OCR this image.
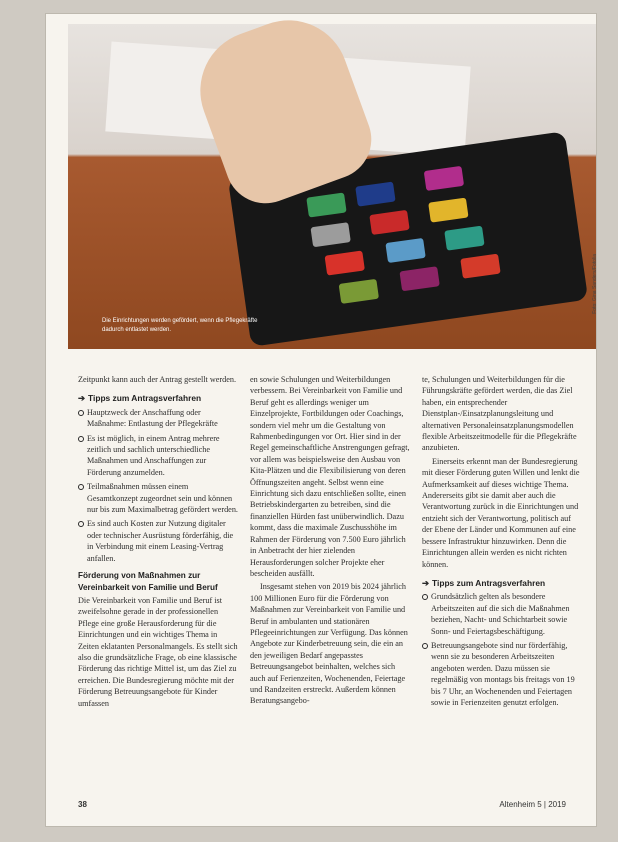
Die Einrichtungen werden gefördert, wenn die Pflegekräfte dadurch entlastet werden.
Foto: Gina Sanders/Fotolia

Zeitpunkt kann auch der Antrag gestellt werden.

➔ Tipps zum Antragsverfahren
Hauptzweck der Anschaffung oder Maßnahme: Entlastung der Pflegekräfte
Es ist möglich, in einem Antrag mehrere zeitlich und sachlich unterschiedliche Maßnahmen und Anschaffungen zur Förderung anzumelden.
Teilmaßnahmen müssen einem Gesamtkonzept zugeordnet sein und können nur bis zum Maximalbetrag gefördert werden.
Es sind auch Kosten zur Nutzung digitaler oder technischer Ausrüstung förderfähig, die in Verbindung mit einem Leasing-Vertrag anfallen.
Förderung von Maßnahmen zur Vereinbarkeit von Familie und Beruf

Die Vereinbarkeit von Familie und Beruf ist zweifelsohne gerade in der professionellen Pflege eine große Herausforderung für die Einrichtungen und ein wichtiges Thema in Zeiten eklatanten Personalmangels. Es stellt sich also die grundsätzliche Frage, ob eine klassische Förderung das richtige Mittel ist, um das Ziel zu erreichen. Die Bundesregierung möchte mit der Förderung Betreuungsangebote für Kinder umfassen

en sowie Schulungen und Weiterbildungen verbessern. Bei Vereinbarkeit von Familie und Beruf geht es allerdings weniger um Einzelprojekte, Fortbildungen oder Coachings, sondern viel mehr um die Gestaltung von Rahmenbedingungen vor Ort. Hier sind in der Regel gemeinschaftliche Anstrengungen gefragt, vor allem was beispielsweise den Ausbau von Kita-Plätzen und die Flexibilisierung von deren Öffnungszeiten angeht. Selbst wenn eine Einrichtung sich dazu entschließen sollte, einen Betriebskindergarten zu betreiben, sind die finanziellen Hürden fast unüberwindlich. Dazu kommt, dass die maximale Zuschusshöhe im Rahmen der Förderung von 7.500 Euro jährlich in Anbetracht der hier zielenden Herausforderungen solcher Projekte eher bescheiden ausfällt.

Insgesamt stehen von 2019 bis 2024 jährlich 100 Millionen Euro für die Förderung von Maßnahmen zur Vereinbarkeit von Familie und Beruf in ambulanten und stationären Pflegeeinrichtungen zur Verfügung. Das können Angebote zur Kinderbetreuung sein, die ein an den jeweiligen Bedarf angepasstes Betreuungsangebot beinhalten, welches sich auch auf Ferienzeiten, Wochenenden, Feiertage und Randzeiten erstreckt. Außerdem können Beratungsangebo-

te, Schulungen und Weiterbildungen für die Führungskräfte gefördert werden, die das Ziel haben, ein entsprechender Dienstplan-/Einsatzplanungsleitung und alternativen Personaleinsatzplanungsmodellen flexible Arbeitszeitmodelle für die Pflegekräfte anzubieten.

Einerseits erkennt man der Bundesregierung mit dieser Förderung guten Willen und lenkt die Aufmerksamkeit auf dieses wichtige Thema. Andererseits gibt sie damit aber auch die Verantwortung zurück in die Einrichtungen und entzieht sich der Verantwortung, politisch auf der Ebene der Länder und Kommunen auf eine bessere Infrastruktur hinzuwirken. Denn die Einrichtungen allein werden es nicht richten können.

➔ Tipps zum Antragsverfahren
Grundsätzlich gelten als besondere Arbeitszeiten auf die sich die Maßnahmen beziehen, Nacht- und Schichtarbeit sowie Sonn- und Feiertagsbeschäftigung.
Betreuungsangebote sind nur förderfähig, wenn sie zu besonderen Arbeitszeiten angeboten werden. Dazu müssen sie regelmäßig von montags bis freitags von 19 bis 7 Uhr, an Wochenenden und Feiertagen sowie in Ferienzeiten genutzt erfolgen.
38	Altenheim 5 | 2019
